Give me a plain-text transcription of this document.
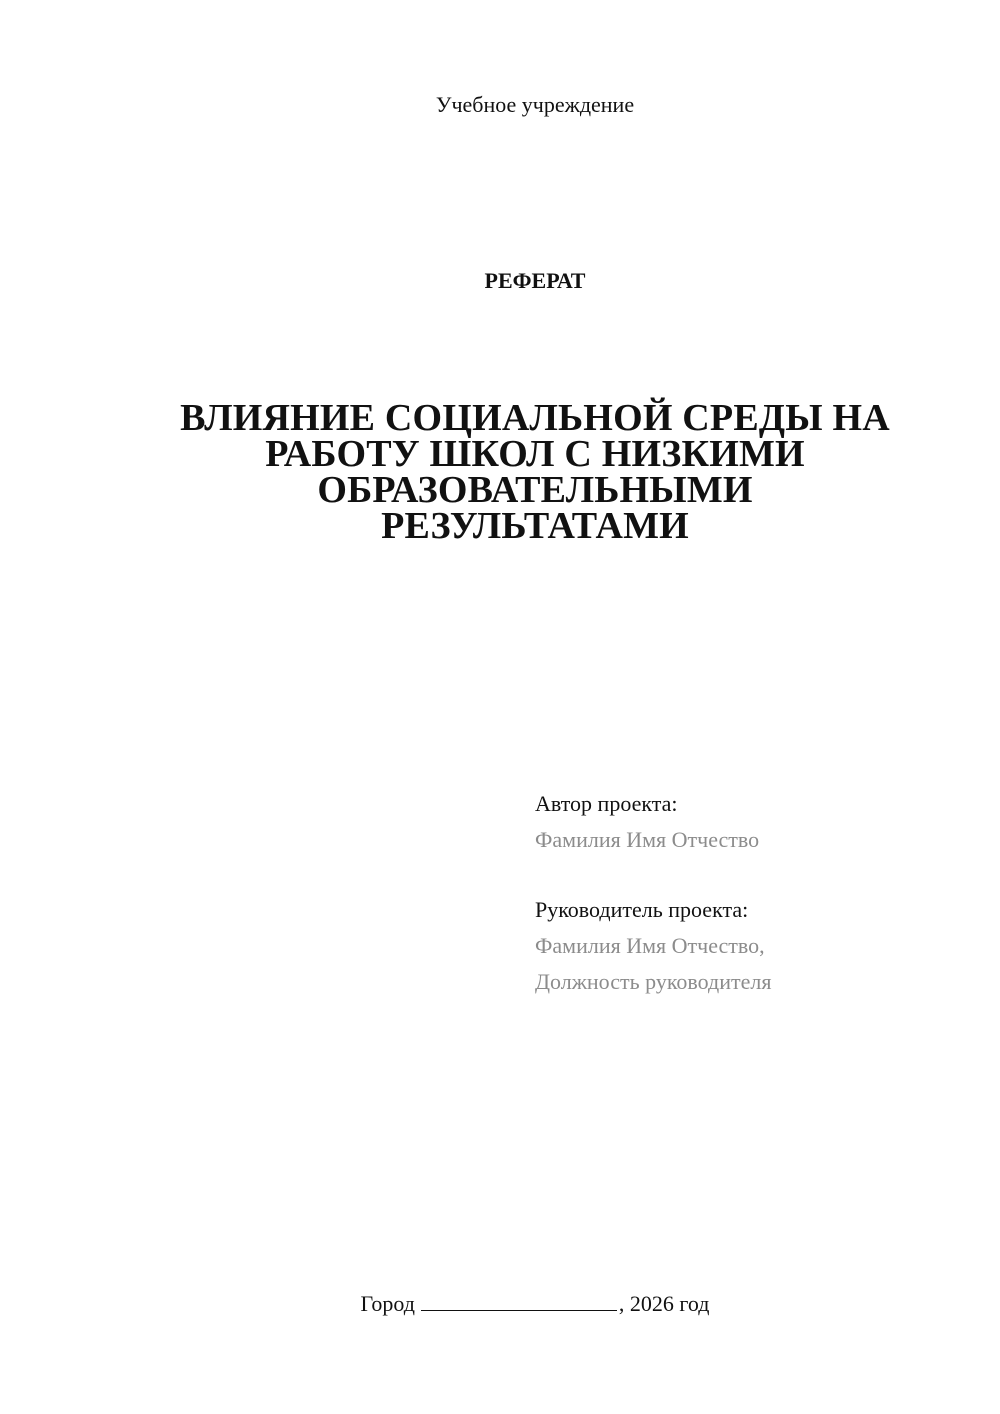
Учебное учреждение
РЕФЕРАТ
ВЛИЯНИЕ СОЦИАЛЬНОЙ СРЕДЫ НА
РАБОТУ ШКОЛ С НИЗКИМИ
ОБРАЗОВАТЕЛЬНЫМИ
РЕЗУЛЬТАТАМИ
Автор проекта:
Фамилия Имя Отчество
Руководитель проекта:
Фамилия Имя Отчество,
Должность руководителя
Город	, 2026 год
